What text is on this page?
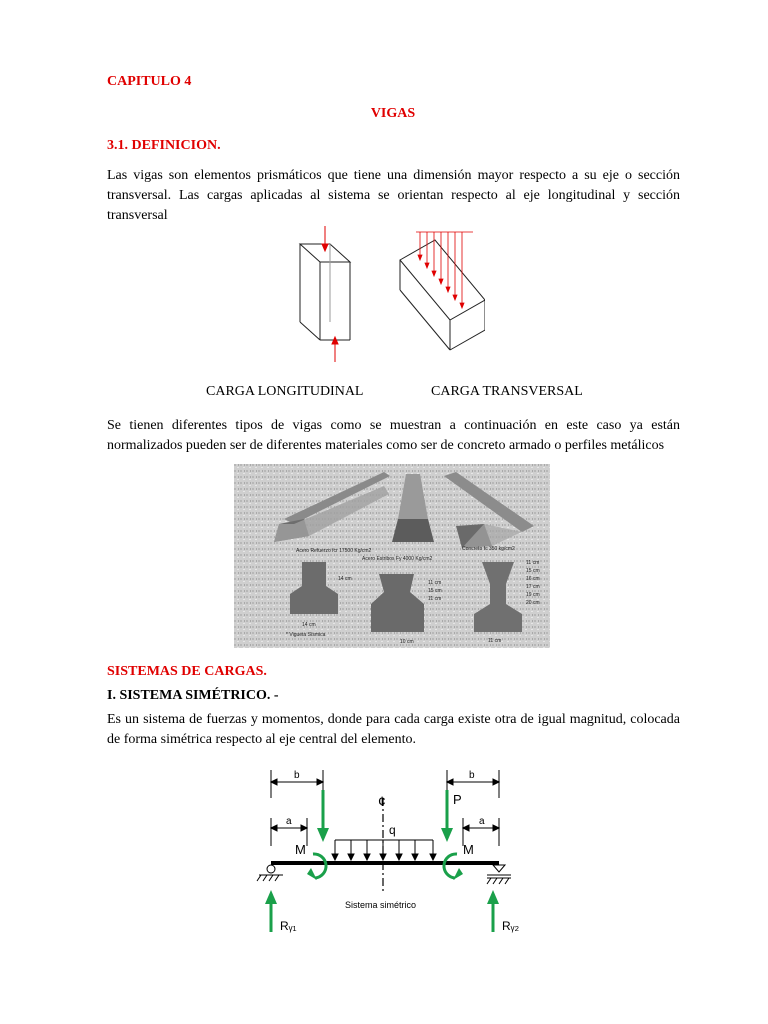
CAPITULO 4
VIGAS
3.1. DEFINICION.
Las vigas son elementos prismáticos que tiene una dimensión mayor respecto a su eje o sección transversal. Las cargas aplicadas al sistema se orientan respecto al eje longitudinal y sección transversal
CARGA LONGITUDINAL	CARGA TRANSVERSAL
Se tienen diferentes tipos de vigas como se muestran a continuación en este caso ya están normalizados pueden ser de diferentes materiales como ser de concreto armado o perfiles metálicos
Acero Refuerzo fcr 17500 Kg/cm2
Acero Estribos Fy 4000 Kg/cm2
Concreto fc 350 kg/cm2
14 cm
14 cm
* Vigueta Sísmica
10 cm	11 cm
11 cm
15 cm
11 cm
11 cm
15 cm
16 cm
17 cm
19 cm
20 cm
SISTEMAS DE CARGAS.
I. SISTEMA SIMÉTRICO. -
Es un sistema de fuerzas y momentos, donde para cada carga existe otra de igual magnitud, colocada de forma simétrica respecto al eje central del elemento.
b	b
a	a
¢	P
q
M	M
Sistema simétrico
Rᵧ₁	Rᵧ₂
